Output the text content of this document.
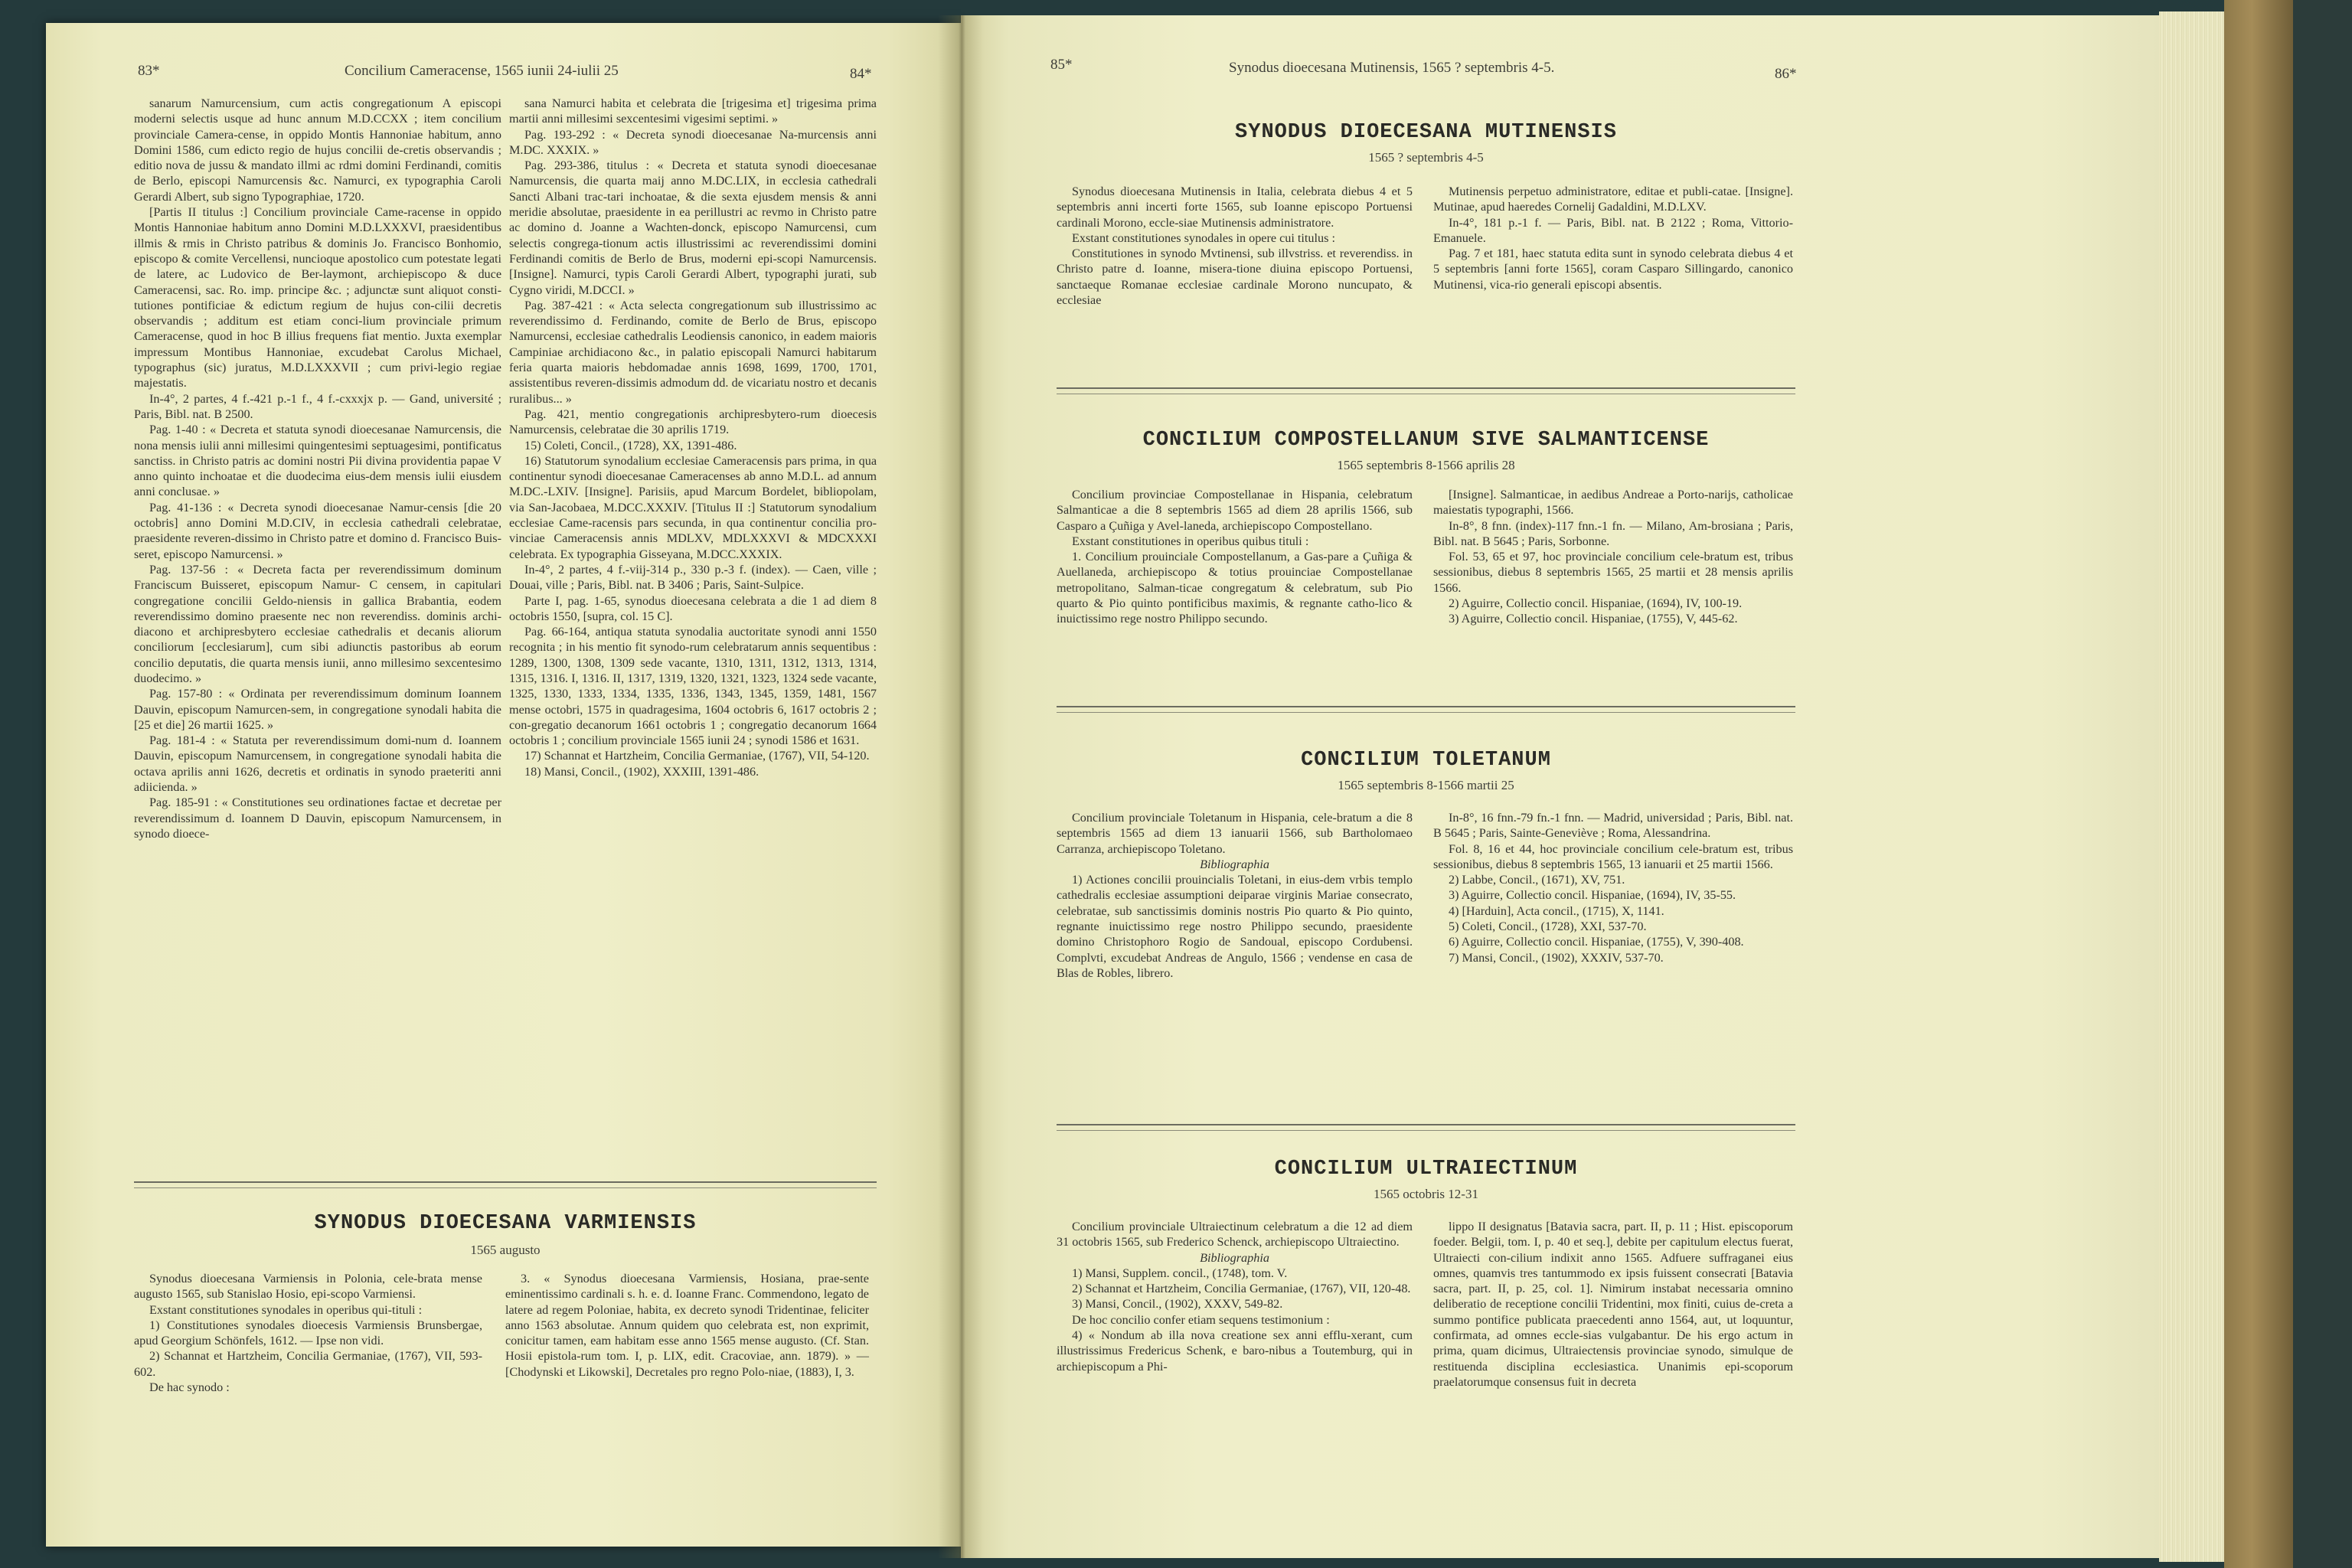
83*	Concilium Cameracense, 1565 iunii 24-iulii 25	84*

sanarum Namurcensium, cum actis congregationum A episcopi moderni selectis usque ad hunc annum M.D.CCXX ; item concilium provinciale Camera-cense, in oppido Montis Hannoniae habitum, anno Domini 1586, cum edicto regio de hujus concilii de-cretis observandis ; editio nova de jussu & mandato illmi ac rdmi domini Ferdinandi, comitis de Berlo, episcopi Namurcensis &c. Namurci, ex typographia Caroli Gerardi Albert, sub signo Typographiae, 1720.

[Partis II titulus :] Concilium provinciale Came-racense in oppido Montis Hannoniae habitum anno Domini M.D.LXXXVI, praesidentibus illmis & rmis in Christo patribus & dominis Jo. Francisco Bonhomio, episcopo & comite Vercellensi, nuncioque apostolico cum potestate legati de latere, ac Ludovico de Ber-laymont, archiepiscopo & duce Cameracensi, sac. Ro. imp. principe &c. ; adjunctæ sunt aliquot consti-tutiones pontificiae & edictum regium de hujus con-cilii decretis observandis ; additum est etiam conci-lium provinciale primum Cameracense, quod in hoc B illius frequens fiat mentio. Juxta exemplar impressum Montibus Hannoniae, excudebat Carolus Michael, typographus (sic) juratus, M.D.LXXXVII ; cum privi-legio regiae majestatis.

In-4°, 2 partes, 4 f.-421 p.-1 f., 4 f.-cxxxjx p. — Gand, université ; Paris, Bibl. nat. B 2500.

Pag. 1-40 : « Decreta et statuta synodi dioecesanae Namurcensis, die nona mensis iulii anni millesimi quingentesimi septuagesimi, pontificatus sanctiss. in Christo patris ac domini nostri Pii divina providentia papae V anno quinto inchoatae et die duodecima eius-dem mensis iulii eiusdem anni conclusae. »

Pag. 41-136 : « Decreta synodi dioecesanae Namur-censis [die 20 octobris] anno Domini M.D.CIV, in ecclesia cathedrali celebratae, praesidente reveren-dissimo in Christo patre et domino d. Francisco Buis-seret, episcopo Namurcensi. »

Pag. 137-56 : « Decreta facta per reverendissimum dominum Franciscum Buisseret, episcopum Namur- C censem, in capitulari congregatione concilii Geldo-niensis in gallica Brabantia, eodem reverendissimo domino praesente nec non reverendiss. dominis archi-diacono et archipresbytero ecclesiae cathedralis et decanis aliorum conciliorum [ecclesiarum], cum sibi adiunctis pastoribus ab eorum concilio deputatis, die quarta mensis iunii, anno millesimo sexcentesimo duodecimo. »

Pag. 157-80 : « Ordinata per reverendissimum dominum Ioannem Dauvin, episcopum Namurcen-sem, in congregatione synodali habita die [25 et die] 26 martii 1625. »

Pag. 181-4 : « Statuta per reverendissimum domi-num d. Ioannem Dauvin, episcopum Namurcensem, in congregatione synodali habita die octava aprilis anni 1626, decretis et ordinatis in synodo praeteriti anni adiicienda. »

Pag. 185-91 : « Constitutiones seu ordinationes factae et decretae per reverendissimum d. Ioannem D Dauvin, episcopum Namurcensem, in synodo dioece-

sana Namurci habita et celebrata die [trigesima et] trigesima prima martii anni millesimi sexcentesimi vigesimi septimi. »

Pag. 193-292 : « Decreta synodi dioecesanae Na-murcensis anni M.DC. XXXIX. »

Pag. 293-386, titulus : « Decreta et statuta synodi dioecesanae Namurcensis, die quarta maij anno M.DC.LIX, in ecclesia cathedrali Sancti Albani trac-tari inchoatae, & die sexta ejusdem mensis & anni meridie absolutae, praesidente in ea perillustri ac revmo in Christo patre ac domino d. Joanne a Wachten-donck, episcopo Namurcensi, cum selectis congrega-tionum actis illustrissimi ac reverendissimi domini Ferdinandi comitis de Berlo de Brus, moderni epi-scopi Namurcensis. [Insigne]. Namurci, typis Caroli Gerardi Albert, typographi jurati, sub Cygno viridi, M.DCCI. »

Pag. 387-421 : « Acta selecta congregationum sub illustrissimo ac reverendissimo d. Ferdinando, comite de Berlo de Brus, episcopo Namurcensi, ecclesiae cathedralis Leodiensis canonico, in eadem maioris Campiniae archidiacono &c., in palatio episcopali Namurci habitarum feria quarta maioris hebdomadae annis 1698, 1699, 1700, 1701, assistentibus reveren-dissimis admodum dd. de vicariatu nostro et decanis ruralibus... »

Pag. 421, mentio congregationis archipresbytero-rum dioecesis Namurcensis, celebratae die 30 aprilis 1719.

15) Coleti, Concil., (1728), XX, 1391-486.

16) Statutorum synodalium ecclesiae Cameracensis pars prima, in qua continentur synodi dioecesanae Cameracenses ab anno M.D.L. ad annum M.DC.-LXIV. [Insigne]. Parisiis, apud Marcum Bordelet, bibliopolam, via San-Jacobaea, M.DCC.XXXIV. [Titulus II :] Statutorum synodalium ecclesiae Came-racensis pars secunda, in qua continentur concilia pro-vinciae Cameracensis annis MDLXV, MDLXXXVI & MDCXXXI celebrata. Ex typographia Gisseyana, M.DCC.XXXIX.

In-4°, 2 partes, 4 f.-viij-314 p., 330 p.-3 f. (index). — Caen, ville ; Douai, ville ; Paris, Bibl. nat. B 3406 ; Paris, Saint-Sulpice.

Parte I, pag. 1-65, synodus dioecesana celebrata a die 1 ad diem 8 octobris 1550, [supra, col. 15 C].

Pag. 66-164, antiqua statuta synodalia auctoritate synodi anni 1550 recognita ; in his mentio fit synodo-rum celebratarum annis sequentibus : 1289, 1300, 1308, 1309 sede vacante, 1310, 1311, 1312, 1313, 1314, 1315, 1316. I, 1316. II, 1317, 1319, 1320, 1321, 1323, 1324 sede vacante, 1325, 1330, 1333, 1334, 1335, 1336, 1343, 1345, 1359, 1481, 1567 mense octobri, 1575 in quadragesima, 1604 octobris 6, 1617 octobris 2 ; con-gregatio decanorum 1661 octobris 1 ; congregatio decanorum 1664 octobris 1 ; concilium provinciale 1565 iunii 24 ; synodi 1586 et 1631.

17) Schannat et Hartzheim, Concilia Germaniae, (1767), VII, 54-120.

18) Mansi, Concil., (1902), XXXIII, 1391-486.

SYNODUS DIOECESANA VARMIENSIS
1565 augusto

Synodus dioecesana Varmiensis in Polonia, cele-brata mense augusto 1565, sub Stanislao Hosio, epi-scopo Varmiensi.

Exstant constitutiones synodales in operibus qui-tituli :

1) Constitutiones synodales dioecesis Varmiensis Brunsbergae, apud Georgium Schönfels, 1612. — Ipse non vidi.

2) Schannat et Hartzheim, Concilia Germaniae, (1767), VII, 593-602.

De hac synodo :

3. « Synodus dioecesana Varmiensis, Hosiana, prae-sente eminentissimo cardinali s. h. e. d. Ioanne Franc. Commendono, legato de latere ad regem Poloniae, habita, ex decreto synodi Tridentinae, feliciter anno 1563 absolutae. Annum quidem quo celebrata est, non exprimit, conicitur tamen, eam habitam esse anno 1565 mense augusto. (Cf. Stan. Hosii epistola-rum tom. I, p. LIX, edit. Cracoviae, ann. 1879). » — [Chodynski et Likowski], Decretales pro regno Polo-niae, (1883), I, 3.

85*	Synodus dioecesana Mutinensis, 1565 ? septembris 4-5.	86*
SYNODUS DIOECESANA MUTINENSIS
1565 ? septembris 4-5

Synodus dioecesana Mutinensis in Italia, celebrata diebus 4 et 5 septembris anni incerti forte 1565, sub Ioanne episcopo Portuensi cardinali Morono, eccle-siae Mutinensis administratore.

Exstant constitutiones synodales in opere cui titulus :

Constitutiones in synodo Mvtinensi, sub illvstriss. et reverendiss. in Christo patre d. Ioanne, misera-tione diuina episcopo Portuensi, sanctaeque Romanae ecclesiae cardinale Morono nuncupato, & ecclesiae

Mutinensis perpetuo administratore, editae et publi-catae. [Insigne]. Mutinae, apud haeredes Cornelij Gadaldini, M.D.LXV.

In-4°, 181 p.-1 f. — Paris, Bibl. nat. B 2122 ; Roma, Vittorio-Emanuele.

Pag. 7 et 181, haec statuta edita sunt in synodo celebrata diebus 4 et 5 septembris [anni forte 1565], coram Casparo Sillingardo, canonico Mutinensi, vica-rio generali episcopi absentis.

CONCILIUM COMPOSTELLANUM SIVE SALMANTICENSE
1565 septembris 8-1566 aprilis 28

Concilium provinciae Compostellanae in Hispania, celebratum Salmanticae a die 8 septembris 1565 ad diem 28 aprilis 1566, sub Casparo a Çuñiga y Avel-laneda, archiepiscopo Compostellano.

Exstant constitutiones in operibus quibus tituli :

1. Concilium prouinciale Compostellanum, a Gas-pare a Çuñiga & Auellaneda, archiepiscopo & totius prouinciae Compostellanae metropolitano, Salman-ticae congregatum & celebratum, sub Pio quarto & Pio quinto pontificibus maximis, & regnante catho-lico & inuictissimo rege nostro Philippo secundo.

[Insigne]. Salmanticae, in aedibus Andreae a Porto-narijs, catholicae maiestatis typographi, 1566.

In-8°, 8 fnn. (index)-117 fnn.-1 fn. — Milano, Am-brosiana ; Paris, Bibl. nat. B 5645 ; Paris, Sorbonne.

Fol. 53, 65 et 97, hoc provinciale concilium cele-bratum est, tribus sessionibus, diebus 8 septembris 1565, 25 martii et 28 mensis aprilis 1566.

2) Aguirre, Collectio concil. Hispaniae, (1694), IV, 100-19.

3) Aguirre, Collectio concil. Hispaniae, (1755), V, 445-62.

CONCILIUM TOLETANUM
1565 septembris 8-1566 martii 25

Concilium provinciale Toletanum in Hispania, cele-bratum a die 8 septembris 1565 ad diem 13 ianuarii 1566, sub Bartholomaeo Carranza, archiepiscopo Toletano.

Bibliographia

1) Actiones concilii prouincialis Toletani, in eius-dem vrbis templo cathedralis ecclesiae assumptioni deiparae virginis Mariae consecrato, celebratae, sub sanctissimis dominis nostris Pio quarto & Pio quinto, regnante inuictissimo rege nostro Philippo secundo, praesidente domino Christophoro Rogio de Sandoual, episcopo Cordubensi. Complvti, excudebat Andreas de Angulo, 1566 ; vendense en casa de Blas de Robles, librero.

In-8°, 16 fnn.-79 fn.-1 fnn. — Madrid, universidad ; Paris, Bibl. nat. B 5645 ; Paris, Sainte-Geneviève ; Roma, Alessandrina.

Fol. 8, 16 et 44, hoc provinciale concilium cele-bratum est, tribus sessionibus, diebus 8 septembris 1565, 13 ianuarii et 25 martii 1566.

2) Labbe, Concil., (1671), XV, 751.

3) Aguirre, Collectio concil. Hispaniae, (1694), IV, 35-55.

4) [Harduin], Acta concil., (1715), X, 1141.

5) Coleti, Concil., (1728), XXI, 537-70.

6) Aguirre, Collectio concil. Hispaniae, (1755), V, 390-408.

7) Mansi, Concil., (1902), XXXIV, 537-70.

CONCILIUM ULTRAIECTINUM
1565 octobris 12-31

Concilium provinciale Ultraiectinum celebratum a die 12 ad diem 31 octobris 1565, sub Frederico Schenck, archiepiscopo Ultraiectino.

Bibliographia

1) Mansi, Supplem. concil., (1748), tom. V.

2) Schannat et Hartzheim, Concilia Germaniae, (1767), VII, 120-48.

3) Mansi, Concil., (1902), XXXV, 549-82.

De hoc concilio confer etiam sequens testimonium :

4) « Nondum ab illa nova creatione sex anni efflu-xerant, cum illustrissimus Fredericus Schenk, e baro-nibus a Toutemburg, qui in archiepiscopum a Phi-

lippo II designatus [Batavia sacra, part. II, p. 11 ; Hist. episcoporum foeder. Belgii, tom. I, p. 40 et seq.], debite per capitulum electus fuerat, Ultraiecti con-cilium indixit anno 1565. Adfuere suffraganei eius omnes, quamvis tres tantummodo ex ipsis fuissent consecrati [Batavia sacra, part. II, p. 25, col. 1]. Nimirum instabat necessaria omnino deliberatio de receptione concilii Tridentini, mox finiti, cuius de-creta a summo pontifice publicata praecedenti anno 1564, aut, ut loquuntur, confirmata, ad omnes eccle-sias vulgabantur. De his ergo actum in prima, quam dicimus, Ultraiectensis provinciae synodo, simulque de restituenda disciplina ecclesiastica. Unanimis epi-scoporum praelatorumque consensus fuit in decreta
